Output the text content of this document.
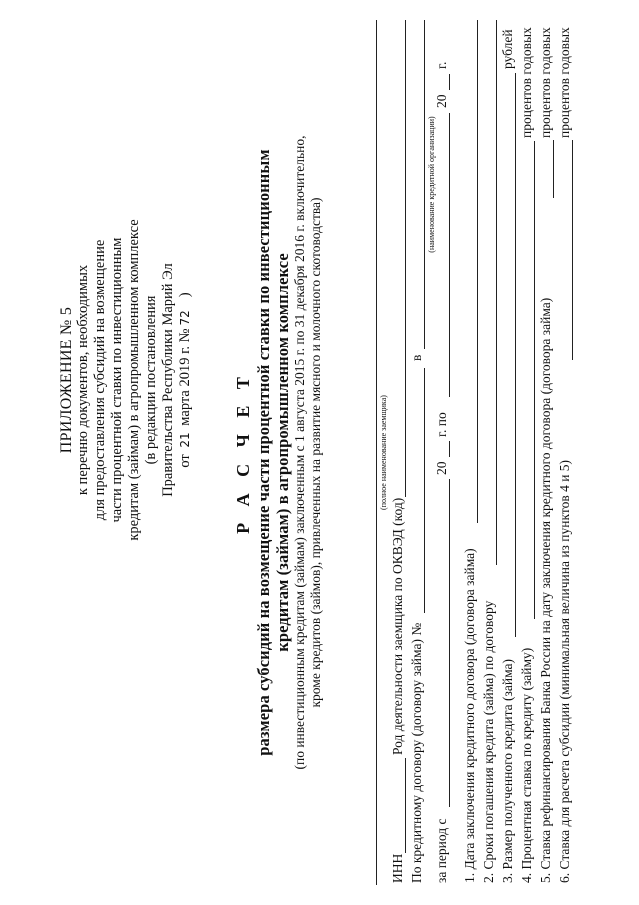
ПРИЛОЖЕНИЕ № 5 к перечню документов, необходимых для предоставления субсидий на возмещение части процентной ставки по инвестиционным кредитам (займам) в агропромышленном комплексе (в редакции постановления Правительства Республики Марий Эл от 21 марта 2019 г. №72)
Р А С Ч Е Т размера субсидий на возмещение части процентной ставки по инвестиционным кредитам (займам) в агропромышленном комплексе (по инвестиционным кредитам (займам) заключенным с 1 августа 2015 г. по 31 декабря 2016 г. включительно, кроме кредитов (займов), привлеченных на развитие мясного и молочного скотоводства)	(полное наименование заемщика)
ИНН
Род деятельности заемщика по ОКВЭД (код) По кредитному договору (договору займа) №
в
(наименование кредитной организации)
за период с
20
г. по
20
г.
1. Дата заключения кредитного договора (договора займа) 2. Сроки погашения кредита (займа) по договору 3. Размер полученного кредита (займа)
рублей
4. Процентная ставка по кредиту (займу)
процентов годовых
5. Ставка рефинансирования Банка России на дату заключения кредитного договора (договора займа)
процентов годовых
6. Ставка для расчета субсидии (минимальная величина из пунктов 4 и 5)
процентов годовых
